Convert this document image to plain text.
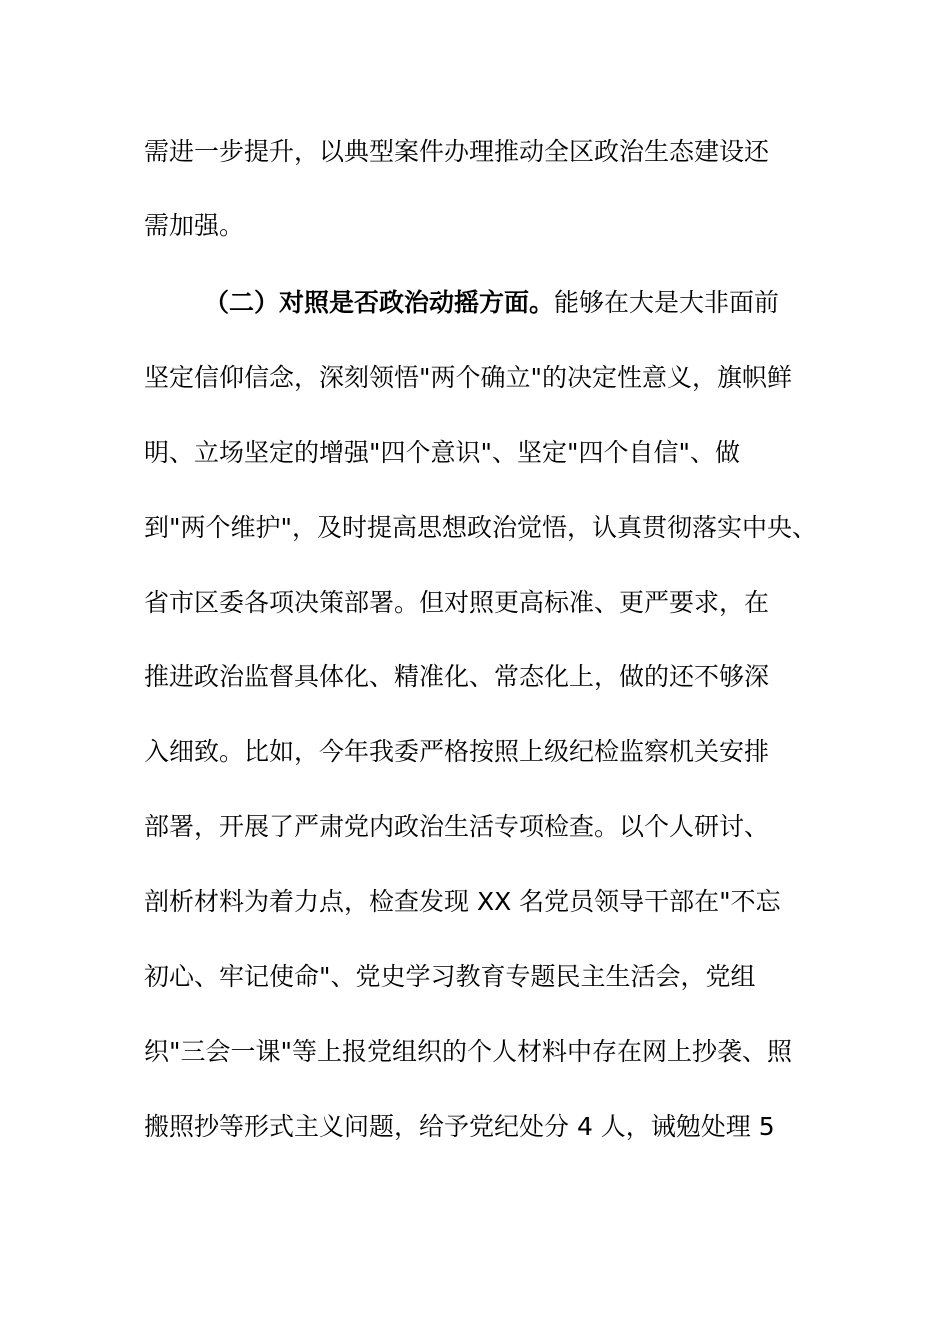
需进一步提升，以典型案件办理推动全区政治生态建设还
需加强。
（二）对照是否政治动摇方面。能够在大是大非面前
坚定信仰信念，深刻领悟"两个确立"的决定性意义，旗帜鲜
明、立场坚定的增强"四个意识"、坚定"四个自信"、做
到"两个维护"，及时提高思想政治觉悟，认真贯彻落实中央、
省市区委各项决策部署。但对照更高标准、更严要求，在
推进政治监督具体化、精准化、常态化上，做的还不够深
入细致。比如，今年我委严格按照上级纪检监察机关安排
部署，开展了严肃党内政治生活专项检查。以个人研讨、
剖析材料为着力点，检查发现 XX 名党员领导干部在"不忘
初心、牢记使命"、党史学习教育专题民主生活会，党组
织"三会一课"等上报党组织的个人材料中存在网上抄袭、照
搬照抄等形式主义问题，给予党纪处分 4 人，诫勉处理 5
